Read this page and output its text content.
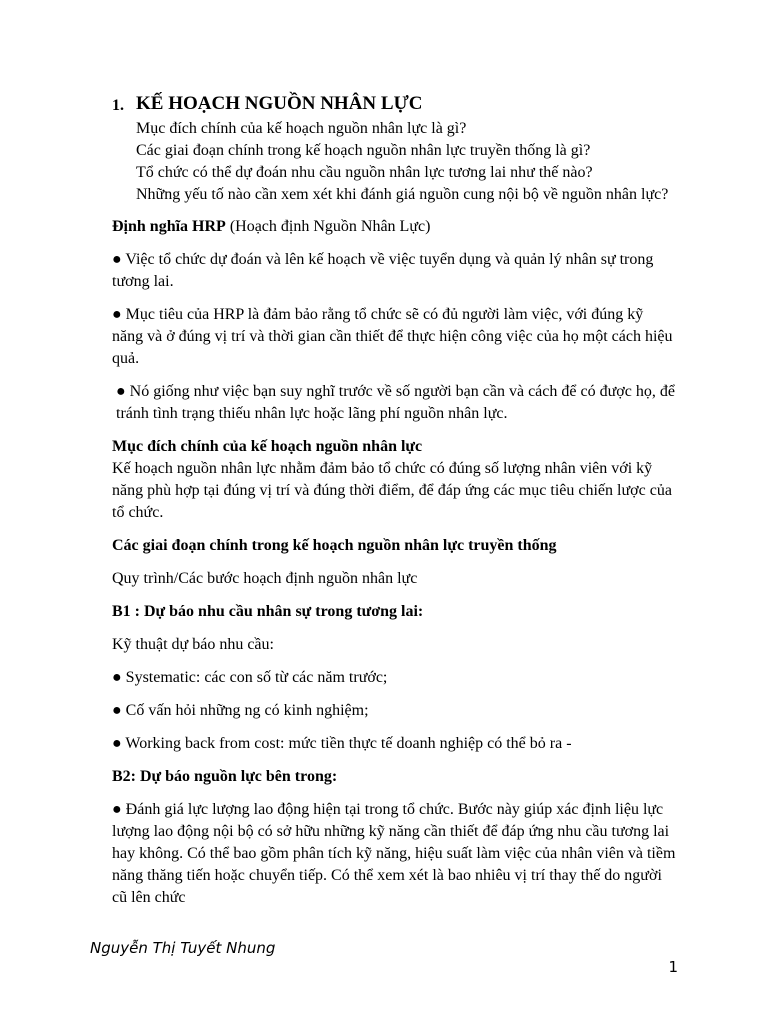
1. KẾ HOẠCH NGUỒN NHÂN LỰC
Mục đích chính của kế hoạch nguồn nhân lực là gì?
Các giai đoạn chính trong kế hoạch nguồn nhân lực truyền thống là gì?
Tổ chức có thể dự đoán nhu cầu nguồn nhân lực tương lai như thế nào?
Những yếu tố nào cần xem xét khi đánh giá nguồn cung nội bộ về nguồn nhân lực?

Định nghĩa HRP (Hoạch định Nguồn Nhân Lực)

● Việc tổ chức dự đoán và lên kế hoạch về việc tuyển dụng và quản lý nhân sự trong tương lai.

● Mục tiêu của HRP là đảm bảo rằng tổ chức sẽ có đủ người làm việc, với đúng kỹ năng và ở đúng vị trí và thời gian cần thiết để thực hiện công việc của họ một cách hiệu quả.

● Nó giống như việc bạn suy nghĩ trước về số người bạn cần và cách để có được họ, để tránh tình trạng thiếu nhân lực hoặc lãng phí nguồn nhân lực.

Mục đích chính của kế hoạch nguồn nhân lực
Kế hoạch nguồn nhân lực nhằm đảm bảo tổ chức có đúng số lượng nhân viên với kỹ năng phù hợp tại đúng vị trí và đúng thời điểm, để đáp ứng các mục tiêu chiến lược của tổ chức.

Các giai đoạn chính trong kế hoạch nguồn nhân lực truyền thống

Quy trình/Các bước hoạch định nguồn nhân lực

B1 : Dự báo nhu cầu nhân sự trong tương lai:

Kỹ thuật dự báo nhu cầu:

● Systematic: các con số từ các năm trước;

● Cố vấn hỏi những ng có kinh nghiệm;

● Working back from cost: mức tiền thực tế doanh nghiệp có thể bỏ ra -

B2: Dự báo nguồn lực bên trong:

● Đánh giá lực lượng lao động hiện tại trong tổ chức. Bước này giúp xác định liệu lực lượng lao động nội bộ có sở hữu những kỹ năng cần thiết để đáp ứng nhu cầu tương lai hay không. Có thể bao gồm phân tích kỹ năng, hiệu suất làm việc của nhân viên và tiềm năng thăng tiến hoặc chuyển tiếp. Có thể xem xét là bao nhiêu vị trí thay thế do người cũ lên chức

Nguyễn Thị Tuyết Nhung
1
